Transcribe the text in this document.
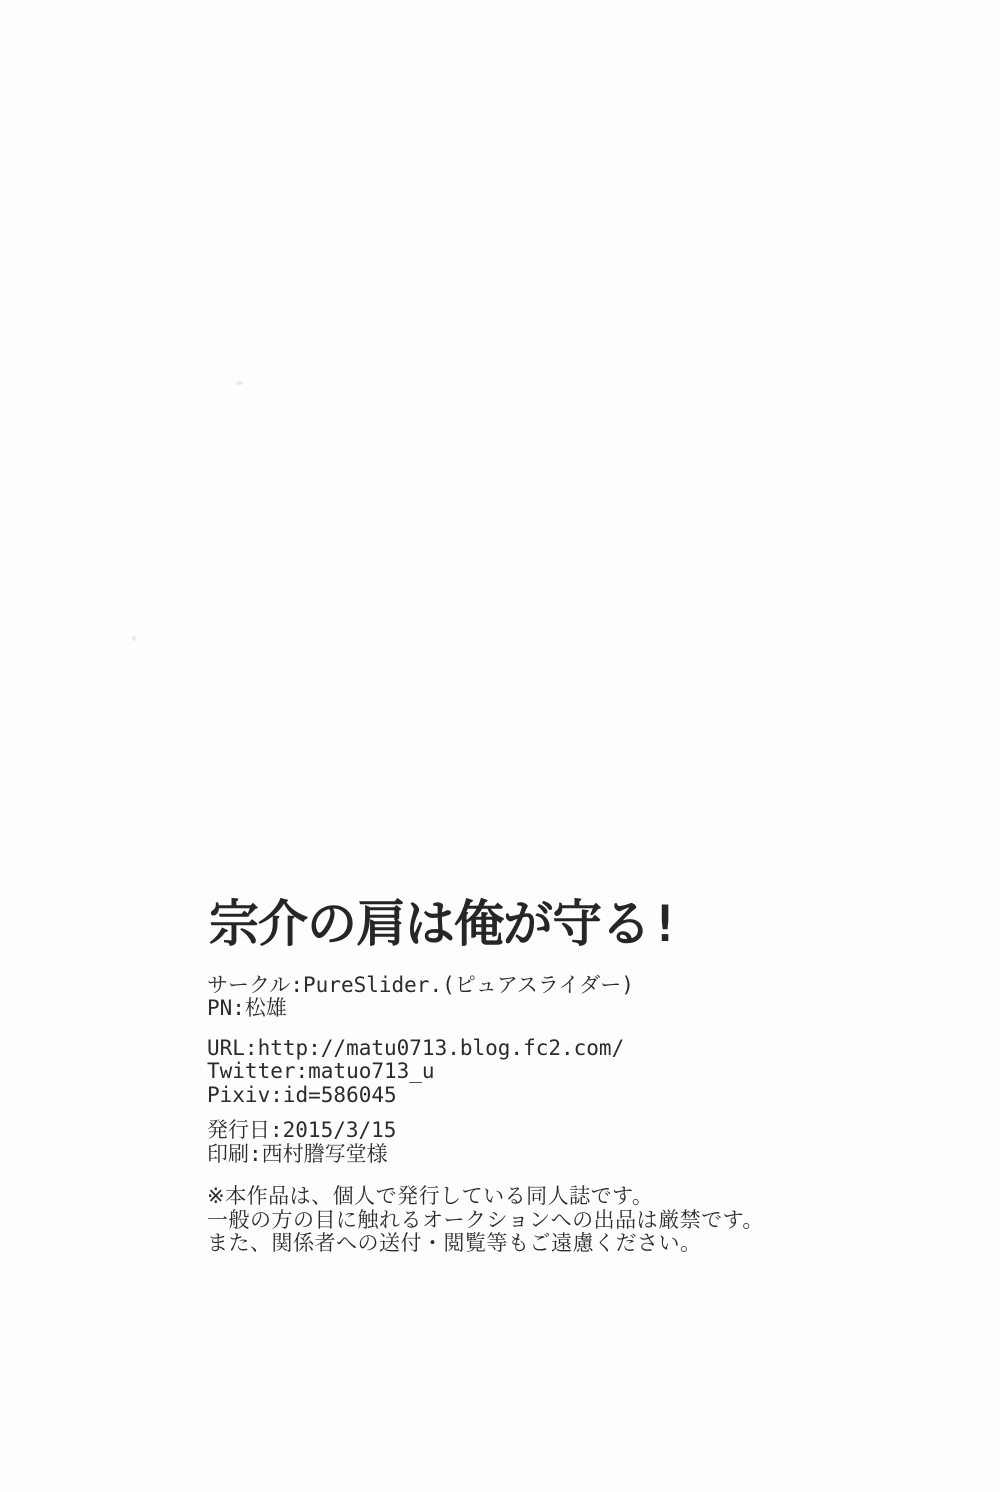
宗介の肩は俺が守る!
サークル:PureSlider.(ピュアスライダー)
PN:松雄
URL:http://matu0713.blog.fc2.com/
Twitter:matuo713_u
Pixiv:id=586045
発行日:2015/3/15
印刷:西村謄写堂様
※本作品は、個人で発行している同人誌です。
一般の方の目に触れるオークションへの出品は厳禁です。
また、関係者への送付・閲覧等もご遠慮ください。
